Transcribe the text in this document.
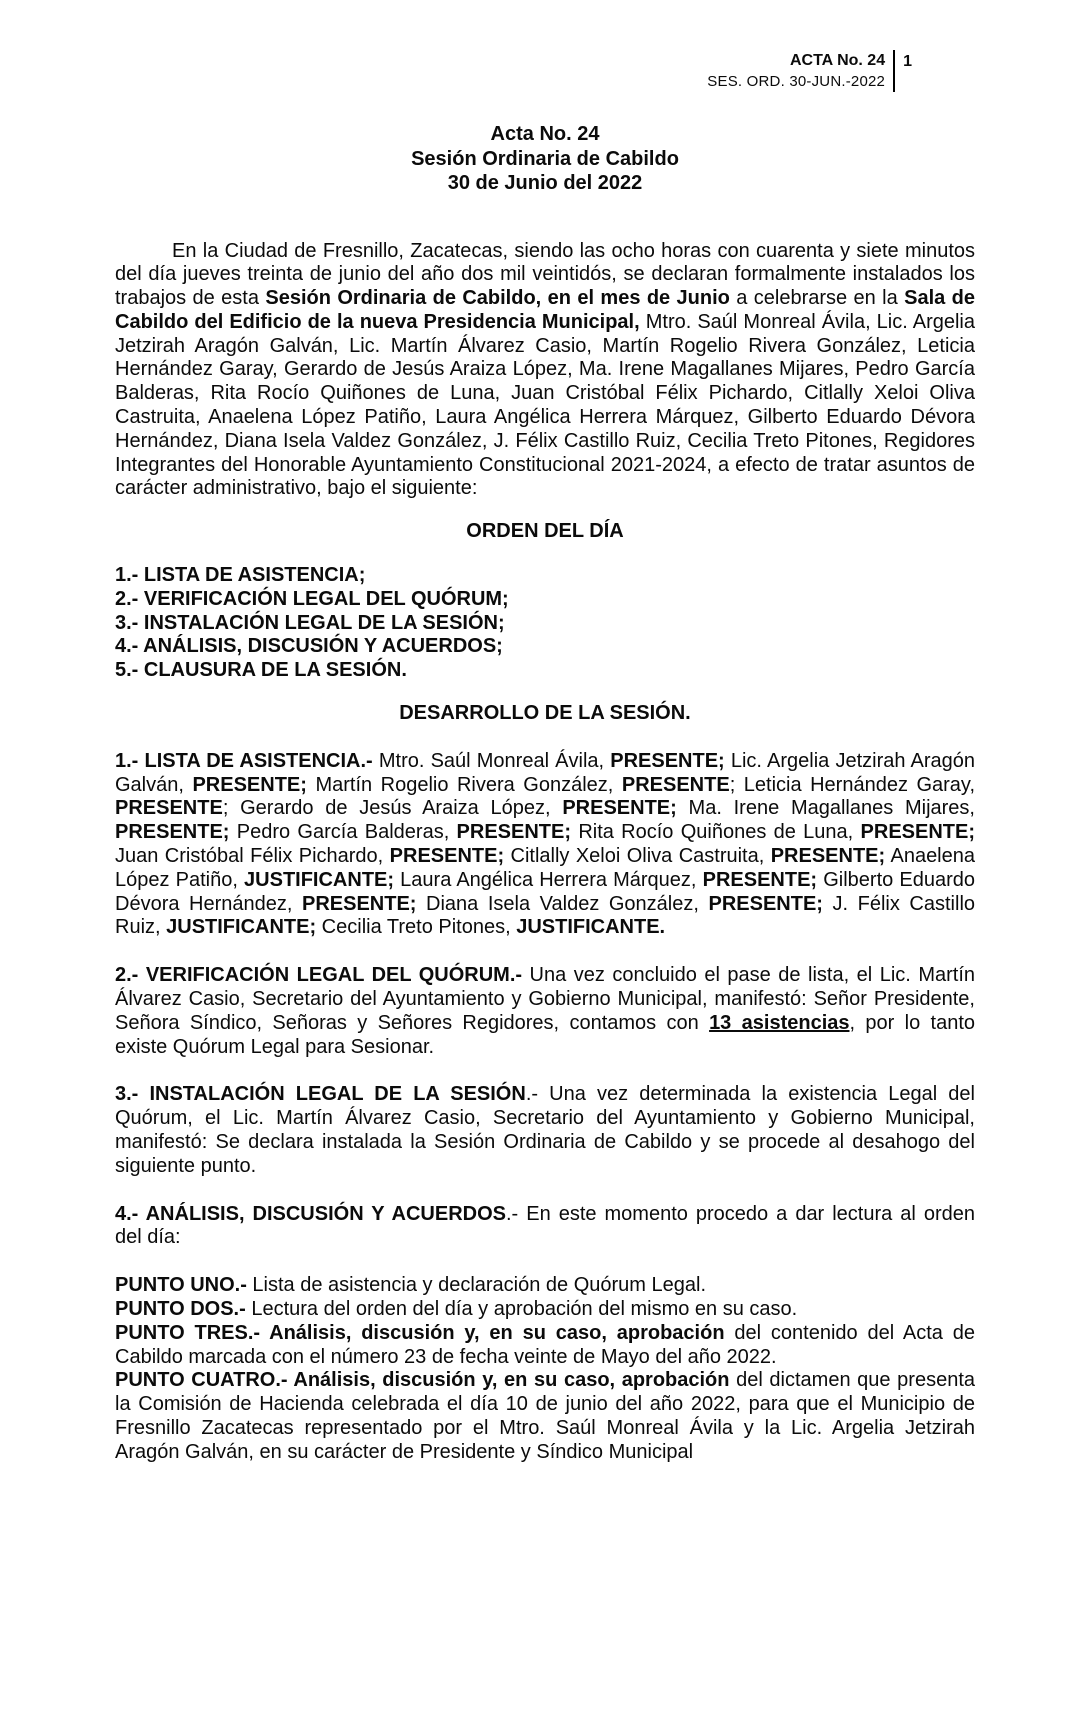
ACTA No. 24
SES. ORD. 30-JUN.-2022
1
Acta No. 24
Sesión Ordinaria de Cabildo
30 de Junio del 2022
En la Ciudad de Fresnillo, Zacatecas, siendo las ocho horas con cuarenta y siete minutos del día jueves treinta de junio del año dos mil veintidós, se declaran formalmente instalados los trabajos de esta Sesión Ordinaria de Cabildo, en el mes de Junio a celebrarse en la Sala de Cabildo del Edificio de la nueva Presidencia Municipal, Mtro. Saúl Monreal Ávila, Lic. Argelia Jetzirah Aragón Galván, Lic. Martín Álvarez Casio, Martín Rogelio Rivera González, Leticia Hernández Garay, Gerardo de Jesús Araiza López, Ma. Irene Magallanes Mijares, Pedro García Balderas, Rita Rocío Quiñones de Luna, Juan Cristóbal Félix Pichardo, Citlally Xeloi Oliva Castruita, Anaelena López Patiño, Laura Angélica Herrera Márquez, Gilberto Eduardo Dévora Hernández, Diana Isela Valdez González, J. Félix Castillo Ruiz, Cecilia Treto Pitones, Regidores Integrantes del Honorable Ayuntamiento Constitucional 2021-2024, a efecto de tratar asuntos de carácter administrativo, bajo el siguiente:
ORDEN DEL DÍA
1.- LISTA DE ASISTENCIA;
2.- VERIFICACIÓN LEGAL DEL QUÓRUM;
3.- INSTALACIÓN LEGAL DE LA SESIÓN;
4.- ANÁLISIS, DISCUSIÓN Y ACUERDOS;
5.- CLAUSURA DE LA SESIÓN.
DESARROLLO DE LA SESIÓN.
1.- LISTA DE ASISTENCIA.- Mtro. Saúl Monreal Ávila, PRESENTE; Lic. Argelia Jetzirah Aragón Galván, PRESENTE; Martín Rogelio Rivera González, PRESENTE; Leticia Hernández Garay, PRESENTE; Gerardo de Jesús Araiza López, PRESENTE; Ma. Irene Magallanes Mijares, PRESENTE; Pedro García Balderas, PRESENTE; Rita Rocío Quiñones de Luna, PRESENTE; Juan Cristóbal Félix Pichardo, PRESENTE; Citlally Xeloi Oliva Castruita, PRESENTE; Anaelena López Patiño, JUSTIFICANTE; Laura Angélica Herrera Márquez, PRESENTE; Gilberto Eduardo Dévora Hernández, PRESENTE; Diana Isela Valdez González, PRESENTE; J. Félix Castillo Ruiz, JUSTIFICANTE; Cecilia Treto Pitones, JUSTIFICANTE.
2.- VERIFICACIÓN LEGAL DEL QUÓRUM.- Una vez concluido el pase de lista, el Lic. Martín Álvarez Casio, Secretario del Ayuntamiento y Gobierno Municipal, manifestó: Señor Presidente, Señora Síndico, Señoras y Señores Regidores, contamos con 13 asistencias, por lo tanto existe Quórum Legal para Sesionar.
3.- INSTALACIÓN LEGAL DE LA SESIÓN.- Una vez determinada la existencia Legal del Quórum, el Lic. Martín Álvarez Casio, Secretario del Ayuntamiento y Gobierno Municipal, manifestó: Se declara instalada la Sesión Ordinaria de Cabildo y se procede al desahogo del siguiente punto.
4.- ANÁLISIS, DISCUSIÓN Y ACUERDOS.- En este momento procedo a dar lectura al orden del día:
PUNTO UNO.- Lista de asistencia y declaración de Quórum Legal.
PUNTO DOS.- Lectura del orden del día y aprobación del mismo en su caso.
PUNTO TRES.- Análisis, discusión y, en su caso, aprobación del contenido del Acta de Cabildo marcada con el número 23 de fecha veinte de Mayo del año 2022.
PUNTO CUATRO.- Análisis, discusión y, en su caso, aprobación del dictamen que presenta la Comisión de Hacienda celebrada el día 10 de junio del año 2022, para que el Municipio de Fresnillo Zacatecas representado por el Mtro. Saúl Monreal Ávila y la Lic. Argelia Jetzirah Aragón Galván, en su carácter de Presidente y Síndico Municipal
